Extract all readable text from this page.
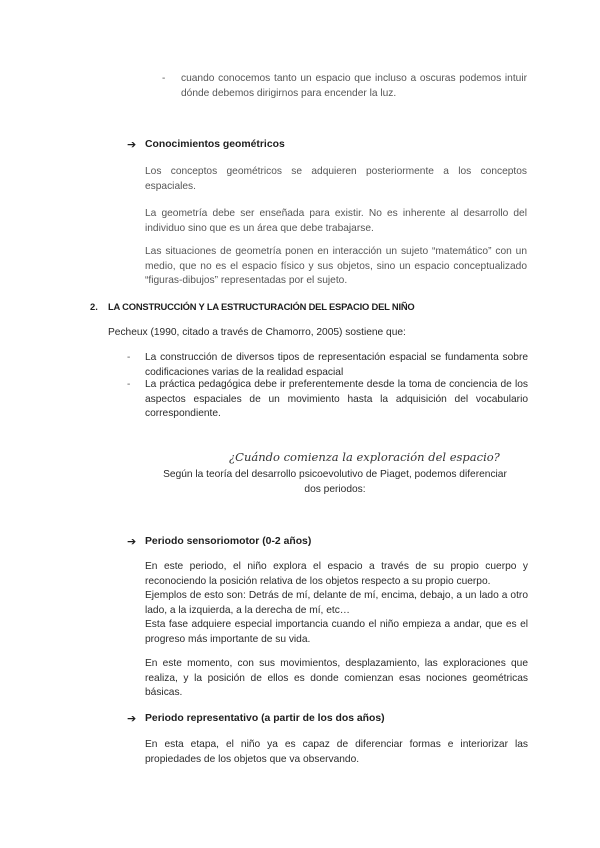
- cuando conocemos tanto un espacio que incluso a oscuras podemos intuir dónde debemos dirigirnos para encender la luz.

➔ Conocimientos geométricos

Los conceptos geométricos se adquieren posteriormente a los conceptos espaciales.

La geometría debe ser enseñada para existir. No es inherente al desarrollo del individuo sino que es un área que debe trabajarse.

Las situaciones de geometría ponen en interacción un sujeto “matemático” con un medio, que no es el espacio físico y sus objetos, sino un espacio conceptualizado “figuras-dibujos” representadas por el sujeto.

2. LA CONSTRUCCIÓN Y LA ESTRUCTURACIÓN DEL ESPACIO DEL NIÑO

Pecheux (1990, citado a través de Chamorro, 2005) sostiene que:

- La construcción de diversos tipos de representación espacial se fundamenta sobre codificaciones varias de la realidad espacial

- La práctica pedagógica debe ir preferentemente desde la toma de conciencia de los aspectos espaciales de un movimiento hasta la adquisición del vocabulario correspondiente.

¿Cuándo comienza la exploración del espacio?

Según la teoría del desarrollo psicoevolutivo de Piaget, podemos diferenciar

dos periodos:

➔ Periodo sensoriomotor (0-2 años)

En este periodo, el niño explora el espacio a través de su propio cuerpo y reconociendo la posición relativa de los objetos respecto a su propio cuerpo.

Ejemplos de esto son: Detrás de mí, delante de mí, encima, debajo, a un lado a otro lado, a la izquierda, a la derecha de mí, etc…

Esta fase adquiere especial importancia cuando el niño empieza a andar, que es el progreso más importante de su vida.

En este momento, con sus movimientos, desplazamiento, las exploraciones que realiza, y la posición de ellos es donde comienzan esas nociones geométricas básicas.

➔ Periodo representativo (a partir de los dos años)

En esta etapa, el niño ya es capaz de diferenciar formas e interiorizar las propiedades de los objetos que va observando.
